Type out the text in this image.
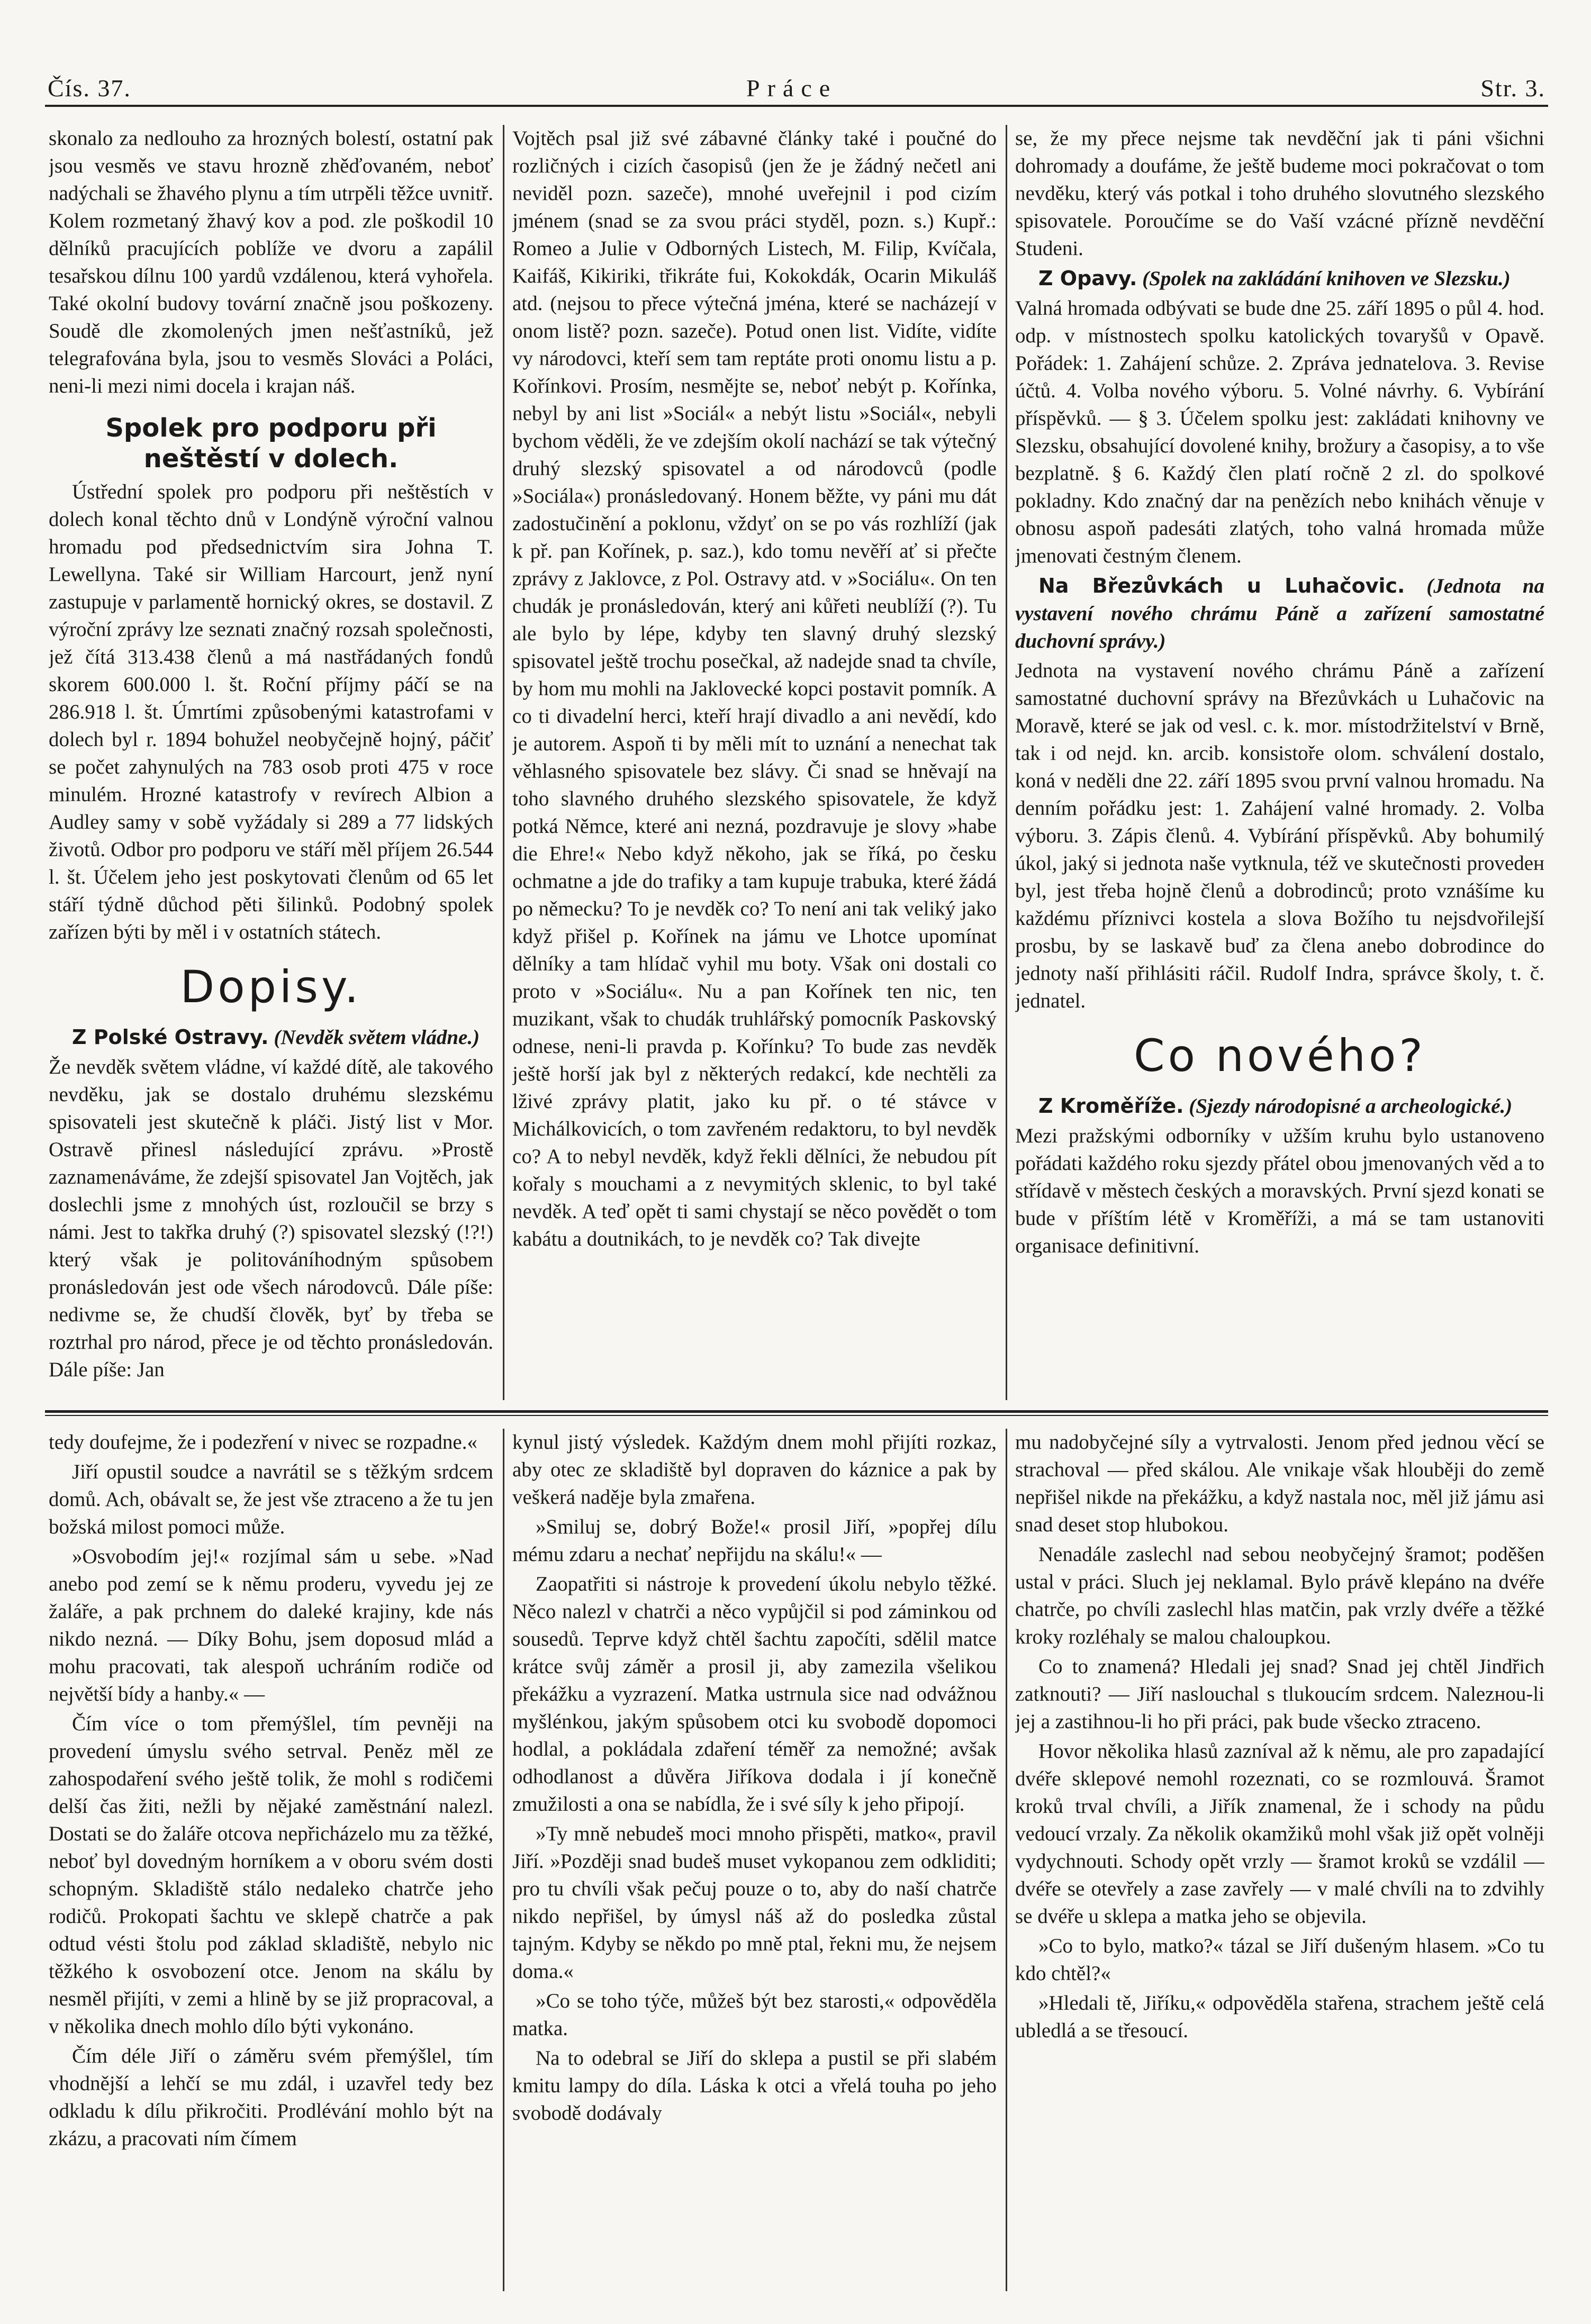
Čís. 37.	Práce	Str. 3.

skonalo za nedlouho za hrozných bolestí, ostatní pak jsou vesměs ve stavu hrozně zhěďovaném, neboť nadýchali se žhavého plynu a tím utrpěli těžce uvnitř. Kolem rozmetaný žhavý kov a pod. zle poškodil 10 dělníků pracujících poblíže ve dvoru a zapálil tesařskou dílnu 100 yardů vzdálenou, která vyhořela. Také okolní budovy tovární značně jsou poškozeny. Soudě dle zkomolených jmen nešťastníků, jež telegrafována byla, jsou to vesměs Slováci a Poláci, neni-li mezi nimi docela i krajan náš.

Spolek pro podporu při neštěstí v dolech.

Ústřední spolek pro podporu při neštěstích v dolech konal těchto dnů v Londýně výroční valnou hromadu pod předsednictvím sira Johna T. Lewellyna. Také sir William Harcourt, jenž nyní zastupuje v parlamentě hornický okres, se dostavil. Z výroční zprávy lze seznati značný rozsah společnosti, jež čítá 313.438 členů a má nastřádaných fondů skorem 600.000 l. št. Roční příjmy páčí se na 286.918 l. št. Úmrtími způsobenými katastrofami v dolech byl r. 1894 bohužel neobyčejně hojný, páčiť se počet zahynulých na 783 osob proti 475 v roce minulém. Hrozné katastrofy v revírech Albion a Audley samy v sobě vyžádaly si 289 a 77 lidských životů. Odbor pro podporu ve stáří měl příjem 26.544 l. št. Účelem jeho jest poskytovati členům od 65 let stáří týdně důchod pěti šilinků. Podobný spolek zařízen býti by měl i v ostatních státech.

Dopisy.

Z Polské Ostravy. (Nevděk světem vládne.)

Že nevděk světem vládne, ví každé dítě, ale takového nevděku, jak se dostalo druhému slezskému spisovateli jest skutečně k pláči. Jistý list v Mor. Ostravě přinesl následující zprávu. »Prostě zaznamenáváme, že zdejší spisovatel Jan Vojtěch, jak doslechli jsme z mnohých úst, rozloučil se brzy s námi. Jest to takřka druhý (?) spisovatel slezský (!?!) který však je politováníhodným spůsobem pronásledován jest ode všech národovců. Dále píše: nedivme se, že chudší člověk, byť by třeba se roztrhal pro národ, přece je od těchto pronásledován. Dále píše: Jan

Vojtěch psal již své zábavné články také i poučné do rozličných i cizích časopisů (jen že je žádný nečetl ani neviděl pozn. sazeče), mnohé uveřejnil i pod cizím jménem (snad se za svou práci styděl, pozn. s.) Kupř.: Romeo a Julie v Odborných Listech, M. Filip, Kvíčala, Kaifáš, Kikiriki, třikráte fui, Kokokdák, Ocarin Mikuláš atd. (nejsou to přece výtečná jména, které se nacházejí v onom listě? pozn. sazeče). Potud onen list. Vidíte, vidíte vy národovci, kteří sem tam reptáte proti onomu listu a p. Kořínkovi. Prosím, nesmějte se, neboť nebýt p. Kořínka, nebyl by ani list »Sociál« a nebýt listu »Sociál«, nebyli bychom věděli, že ve zdejším okolí nachází se tak výtečný druhý slezský spisovatel a od národovců (podle »Sociála«) pronásledovaný. Honem běžte, vy páni mu dát zadostučinění a poklonu, vždyť on se po vás rozhlíží (jak k př. pan Kořínek, p. saz.), kdo tomu nevěří ať si přečte zprávy z Jaklovce, z Pol. Ostravy atd. v »Sociálu«. On ten chudák je pronásledován, který ani kůřeti neublíží (?). Tu ale bylo by lépe, kdyby ten slavný druhý slezský spisovatel ještě trochu posečkal, až nadejde snad ta chvíle, by hom mu mohli na Jaklovecké kopci postavit pomník. A co ti divadelní herci, kteří hrají divadlo a ani nevědí, kdo je autorem. Aspoň ti by měli mít to uznání a nenechat tak věhlasného spisovatele bez slávy. Či snad se hněvají na toho slavného druhého slezského spisovatele, že když potká Němce, které ani nezná, pozdravuje je slovy »habe die Ehre!« Nebo když někoho, jak se říká, po česku ochmatne a jde do trafiky a tam kupuje trabuka, které žádá po německu? To je nevděk co? To není ani tak veliký jako když přišel p. Kořínek na jámu ve Lhotce upomínat dělníky a tam hlídač vyhil mu boty. Však oni dostali co proto v »Sociálu«. Nu a pan Kořínek ten nic, ten muzikant, však to chudák truhlářský pomocník Paskovský odnese, neni-li pravda p. Kořínku? To bude zas nevděk ještě horší jak byl z některých redakcí, kde nechtěli za lživé zprávy platit, jako ku př. o té stávce v Michálkovicích, o tom zavřeném redaktoru, to byl nevděk co? A to nebyl nevděk, když řekli dělníci, že nebudou pít kořaly s mouchami a z nevymitých sklenic, to byl také nevděk. A teď opět ti sami chystají se něco povědět o tom kabátu a doutnikách, to je nevděk co? Tak divejte

se, že my přece nejsme tak nevděční jak ti páni všichni dohromady a doufáme, že ještě budeme moci pokračovat o tom nevděku, který vás potkal i toho druhého slovutného slezského spisovatele. Poroučíme se do Vaší vzácné přízně nevděční Studeni.

Z Opavy. (Spolek na zakládání knihoven ve Slezsku.)

Valná hromada odbývati se bude dne 25. září 1895 o půl 4. hod. odp. v místnostech spolku katolických tovaryšů v Opavě. Pořádek: 1. Zahájení schůze. 2. Zpráva jednatelova. 3. Revise účtů. 4. Volba nového výboru. 5. Volné návrhy. 6. Vybírání příspěvků. — § 3. Účelem spolku jest: zakládati knihovny ve Slezsku, obsahující dovolené knihy, brožury a časopisy, a to vše bezplatně. § 6. Každý člen platí ročně 2 zl. do spolkové pokladny. Kdo značný dar na penězích nebo knihách věnuje v obnosu aspoň padesáti zlatých, toho valná hromada může jmenovati čestným členem.

Na Březůvkách u Luhačovic. (Jednota na vystavení nového chrámu Páně a zařízení samostatné duchovní správy.)

Jednota na vystavení nového chrámu Páně a zařízení samostatné duchovní správy na Březůvkách u Luhačovic na Moravě, které se jak od vesl. c. k. mor. místodržitelství v Brně, tak i od nejd. kn. arcib. konsistoře olom. schválení dostalo, koná v neděli dne 22. září 1895 svou první valnou hromadu. Na denním pořádku jest: 1. Zahájení valné hromady. 2. Volba výboru. 3. Zápis členů. 4. Vybírání příspěvků. Aby bohumilý úkol, jaký si jednota naše vytknula, též ve skutečnosti provedeн byl, jest třeba hojně členů a dobrodinců; proto vznášíme ku každému příznivci kostela a slova Božího tu nejsdvořilejší prosbu, by se laskavě buď za člena anebo dobrodince do jednoty naší přihlásiti ráčil. Rudolf Indra, správce školy, t. č. jednatel.

Co nového?

Z Kroměříže. (Sjezdy národopisné a archeologické.)

Mezi pražskými odborníky v užším kruhu bylo ustanoveno pořádati každého roku sjezdy přátel obou jmenovaných věd a to střídavě v městech českých a moravských. První sjezd konati se bude v příštím létě v Kroměříži, a má se tam ustanoviti organisace definitivní.

tedy doufejme, že i podezření v nivec se rozpadne.«

Jiří opustil soudce a navrátil se s těžkým srdcem domů. Ach, obávalt se, že jest vše ztraceno a že tu jen božská milost pomoci může.

»Osvobodím jej!« rozjímal sám u sebe. »Nad anebo pod zemí se k němu proderu, vyvedu jej ze žaláře, a pak prchnem do daleké krajiny, kde nás nikdo nezná. — Díky Bohu, jsem doposud mlád a mohu pracovati, tak alespoň uchráním rodiče od největší bídy a hanby.« —

Čím více o tom přemýšlel, tím pevněji na provedení úmyslu svého setrval. Peněz měl ze zahospodaření svého ještě tolik, že mohl s rodičemi delší čas žiti, nežli by nějaké zaměstnání nalezl. Dostati se do žaláře otcova nepřicházelo mu za těžké, neboť byl dovedným horníkem a v oboru svém dosti schopným. Skladiště stálo nedaleko chatrče jeho rodičů. Prokopati šachtu ve sklepě chatrče a pak odtud vésti štolu pod základ skladiště, nebylo nic těžkého k osvobození otce. Jenom na skálu by nesměl přijíti, v zemi a hlině by se již propracoval, a v několika dnech mohlo dílo býti vykonáno.

Čím déle Jiří o záměru svém přemýšlel, tím vhodnější a lehčí se mu zdál, i uzavřel tedy bez odkladu k dílu přikročiti. Prodlévání mohlo být na zkázu, a pracovati ním čímem

kynul jistý výsledek. Každým dnem mohl přijíti rozkaz, aby otec ze skladiště byl dopraven do káznice a pak by veškerá naděje byla zmařena.

»Smiluj se, dobrý Bože!« prosil Jiří, »popřej dílu mému zdaru a nechať nepřijdu na skálu!« —

Zaopatřiti si nástroje k provedení úkolu nebylo těžké. Něco nalezl v chatrči a něco vypůjčil si pod záminkou od sousedů. Teprve když chtěl šachtu započíti, sdělil matce krátce svůj záměr a prosil ji, aby zamezila všelikou překážku a vyzrazení. Matka ustrnula sice nad odvážnou myšlénkou, jakým spůsobem otci ku svobodě dopomoci hodlal, a pokládala zdaření téměř za nemožné; avšak odhodlanost a důvěra Jiříkova dodala i jí konečně zmužilosti a ona se nabídla, že i své síly k jeho připojí.

»Ty mně nebudeš moci mnoho přispěti, matko«, pravil Jiří. »Později snad budeš muset vykopanou zem odkliditi; pro tu chvíli však pečuj pouze o to, aby do naší chatrče nikdo nepřišel, by úmysl náš až do posledka zůstal tajným. Kdyby se někdo po mně ptal, řekni mu, že nejsem doma.«

»Co se toho týče, můžeš být bez starosti,« odpověděla matka.

Na to odebral se Jiří do sklepa a pustil se při slabém kmitu lampy do díla. Láska k otci a vřelá touha po jeho svobodě dodávaly

mu nadobyčejné síly a vytrvalosti. Jenom před jednou věcí se strachoval — před skálou. Ale vnikaje však hlouběji do země nepřišel nikde na překážku, a když nastala noc, měl již jámu asi snad deset stop hlubokou.

Nenadále zaslechl nad sebou neobyčejný šramot; poděšen ustal v práci. Sluch jej neklamal. Bylo právě klepáno na dvéře chatrče, po chvíli zaslechl hlas matčin, pak vrzly dvéře a těžké kroky rozléhaly se malou chaloupkou.

Co to znamená? Hledali jej snad? Snad jej chtěl Jindřich zatknouti? — Jiří naslouchal s tlukoucím srdcem. Nalezнou-li jej a zastihnou-li ho při práci, pak bude všecko ztraceno.

Hovor několika hlasů zazníval až k němu, ale pro zapadající dvéře sklepové nemohl rozeznati, co se rozmlouvá. Šramot kroků trval chvíli, a Jiřík znamenal, že i schody na půdu vedoucí vrzaly. Za několik okamžiků mohl však již opět volněji vydychnouti. Schody opět vrzly — šramot kroků se vzdálil — dvéře se otevřely a zase zavřely — v malé chvíli na to zdvihly se dvéře u sklepa a matka jeho se objevila.

»Co to bylo, matko?« tázal se Jiří dušeným hlasem. »Co tu kdo chtěl?«

»Hledali tě, Jiříku,« odpověděla stařena, strachem ještě celá ubledlá a se třesoucí.
